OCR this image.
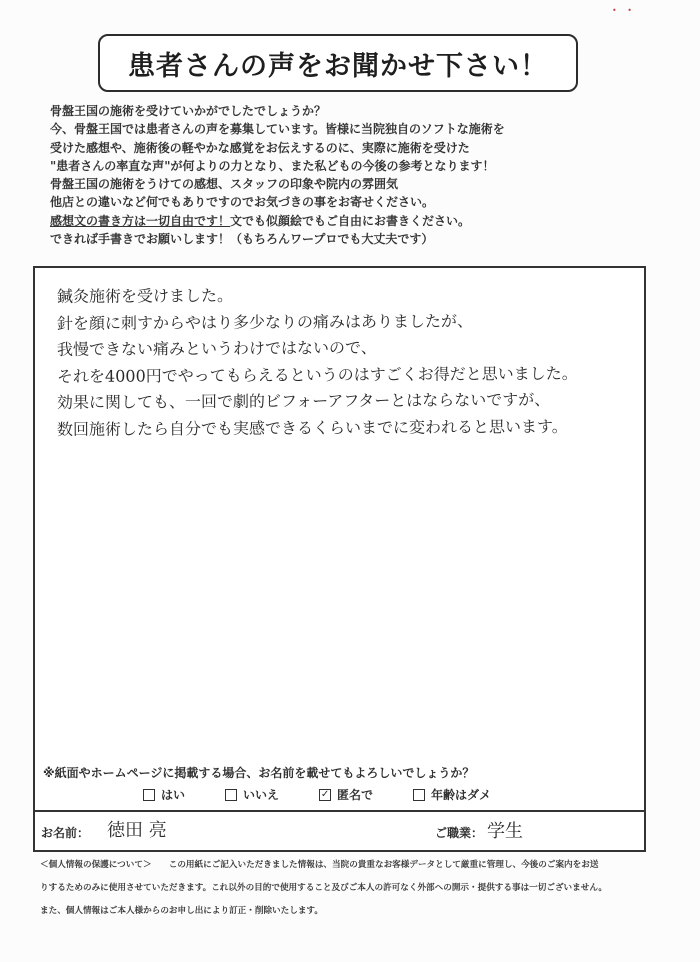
• •
患者さんの声をお聞かせ下さい！
骨盤王国の施術を受けていかがでしたでしょうか？
今、骨盤王国では患者さんの声を募集しています。皆様に当院独自のソフトな施術を
受けた感想や、施術後の軽やかな感覚をお伝えするのに、実際に施術を受けた
"患者さんの率直な声"が何よりの力となり、また私どもの今後の参考となります！
骨盤王国の施術をうけての感想、スタッフの印象や院内の雰囲気
他店との違いなど何でもありですのでお気づきの事をお寄せください。
感想文の書き方は一切自由です！文でも似顔絵でもご自由にお書きください。
できれば手書きでお願いします！（もちろんワープロでも大丈夫です）
鍼灸施術を受けました。
針を顔に刺すからやはり多少なりの痛みはありましたが、
我慢できない痛みというわけではないので、
それを4000円でやってもらえるというのはすごくお得だと思いました。
効果に関しても、一回で劇的ビフォーアフターとはならないですが、
数回施術したら自分でも実感できるくらいまでに変われると思います。
※紙面やホームページに掲載する場合、お名前を載せてもよろしいでしょうか？
はい	いいえ	✓ 匿名で	年齢はダメ
お名前： 徳田 亮	ご職業： 学生
＜個人情報の保護について＞　　この用紙にご記入いただきました情報は、当院の貴重なお客様データとして厳重に管理し、今後のご案内をお送
りするためのみに使用させていただきます。これ以外の目的で使用すること及びご本人の許可なく外部への開示・提供する事は一切ございません。
また、個人情報はご本人様からのお申し出により訂正・削除いたします。
